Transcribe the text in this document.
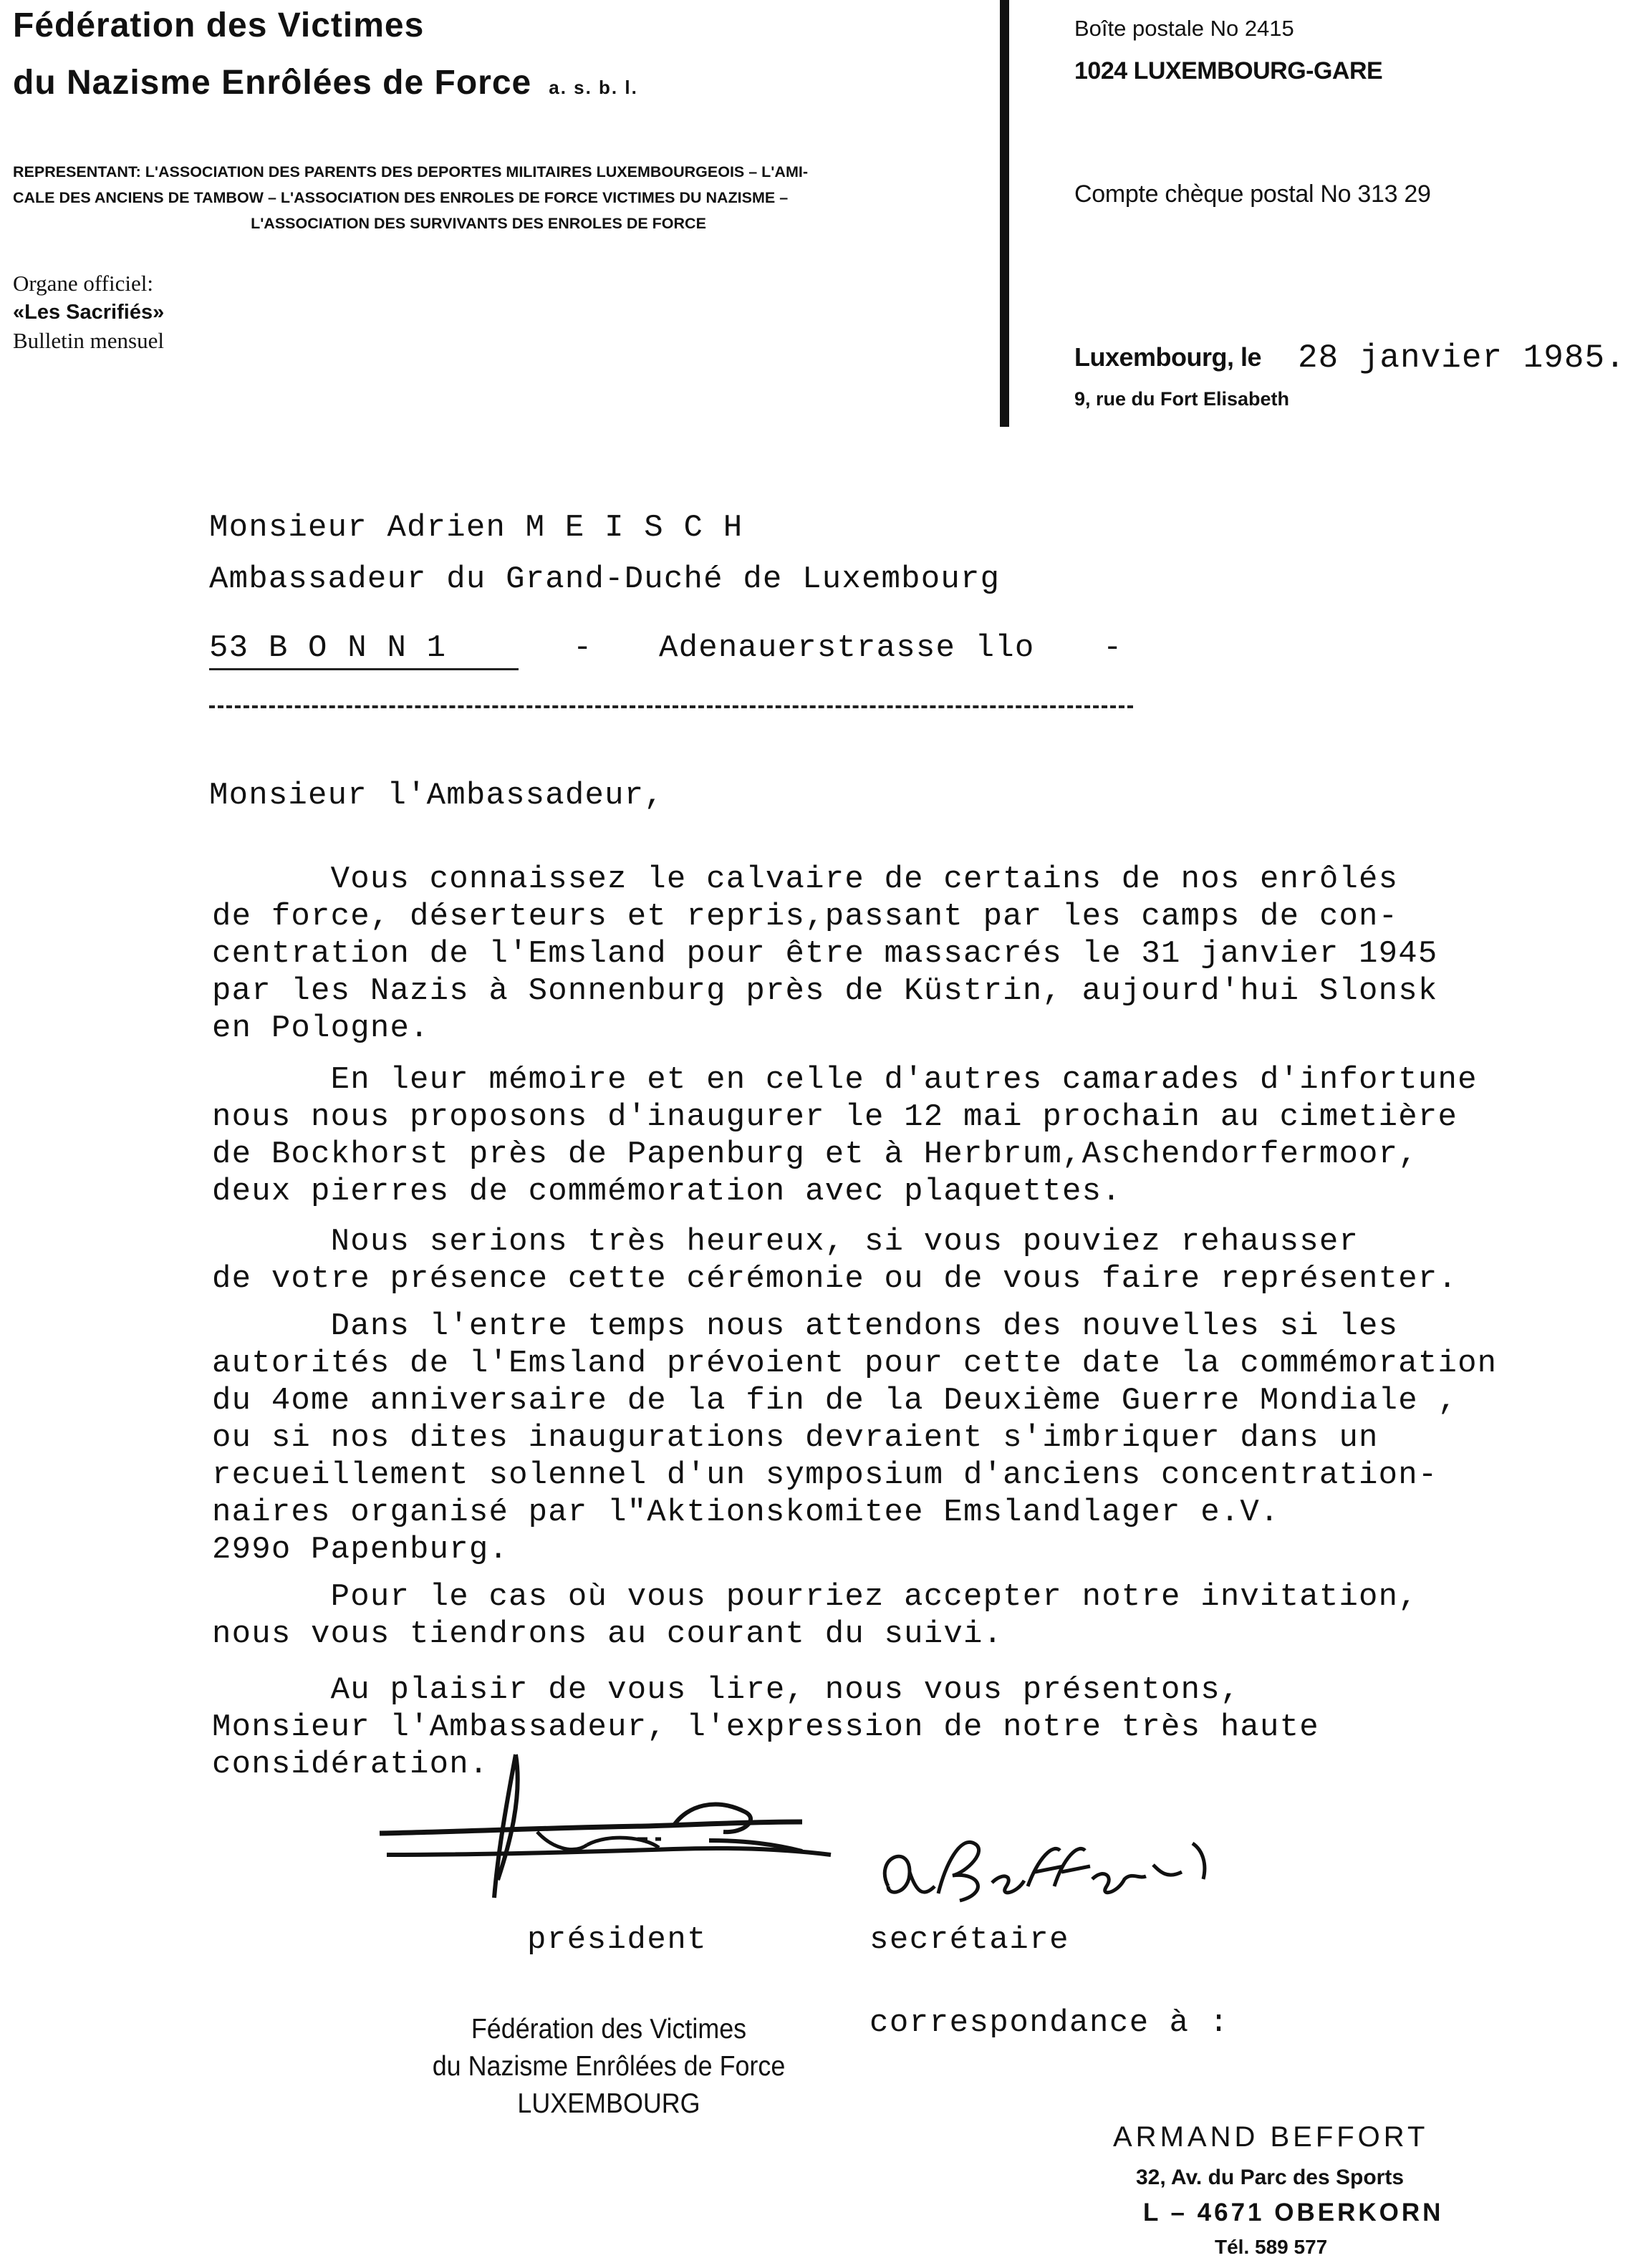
Fédération des Victimes
du Nazisme Enrôlées de Force a. s. b. l.
REPRESENTANT: L'ASSOCIATION DES PARENTS DES DEPORTES MILITAIRES LUXEMBOURGEOIS – L'AMI-
CALE DES ANCIENS DE TAMBOW – L'ASSOCIATION DES ENROLES DE FORCE VICTIMES DU NAZISME –
L'ASSOCIATION DES SURVIVANTS DES ENROLES DE FORCE
Organe officiel:
«Les Sacrifiés»
Bulletin mensuel
Boîte postale No 2415
1024 LUXEMBOURG-GARE
Compte chèque postal No 313 29
Luxembourg, le 28 janvier 1985.
9, rue du Fort Elisabeth
Monsieur Adrien M E I S C H
Ambassadeur du Grand-Duché de Luxembourg
53 B O N N 1	- Adenauerstrasse llo -
Monsieur l'Ambassadeur,
Vous connaissez le calvaire de certains de nos enrôlés
de force, déserteurs et repris,passant par les camps de con-
centration de l'Emsland pour être massacrés le 31 janvier 1945
par les Nazis à Sonnenburg près de Küstrin, aujourd'hui Slonsk
en Pologne.
En leur mémoire et en celle d'autres camarades d'infortune
nous nous proposons d'inaugurer le 12 mai prochain au cimetière
de Bockhorst près de Papenburg et à Herbrum,Aschendorfermoor,
deux pierres de commémoration avec plaquettes.
Nous serions très heureux, si vous pouviez rehausser
de votre présence cette cérémonie ou de vous faire représenter.
Dans l'entre temps nous attendons des nouvelles si les
autorités de l'Emsland prévoient pour cette date la commémoration
du 4ome anniversaire de la fin de la Deuxième Guerre Mondiale ,
ou si nos dites inaugurations devraient s'imbriquer dans un
recueillement solennel d'un symposium d'anciens concentration-
naires organisé par l"Aktionskomitee Emslandlager e.V.
299o Papenburg.
Pour le cas où vous pourriez accepter notre invitation,
nous vous tiendrons au courant du suivi.
Au plaisir de vous lire, nous vous présentons,
Monsieur l'Ambassadeur, l'expression de notre très haute
considération.
président	secrétaire
Fédération des Victimes
du Nazisme Enrôlées de Force
LUXEMBOURG
correspondance à :
ARMAND BEFFORT
32, Av. du Parc des Sports
L – 4671 OBERKORN
Tél. 589 577
